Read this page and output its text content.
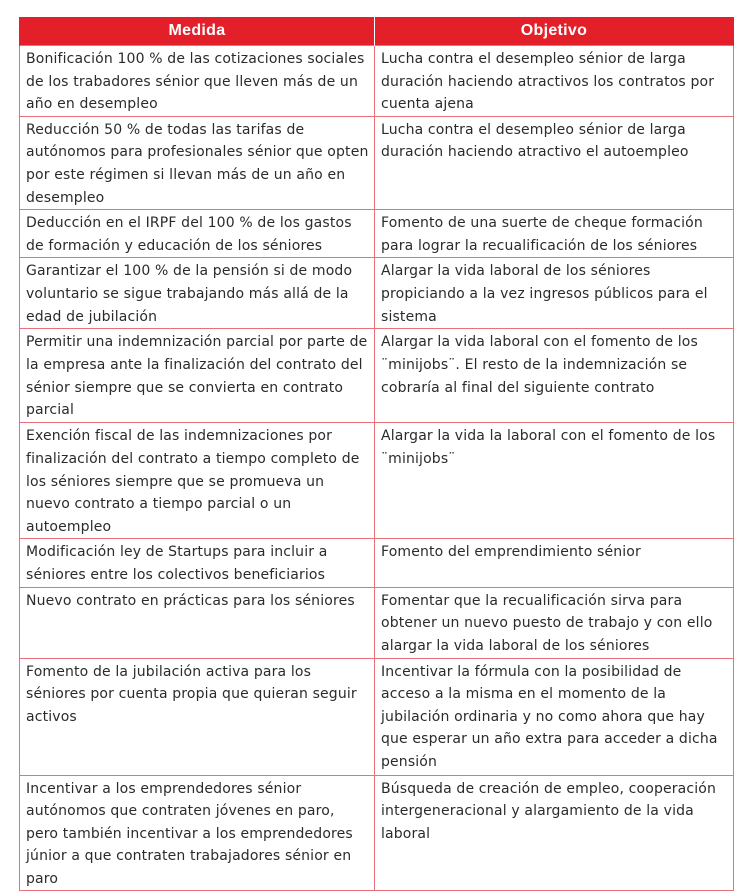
Medida	Objetivo
Bonificación 100 % de las cotizaciones sociales de los trabadores sénior que lleven más de un año en desempleo	Lucha contra el desempleo sénior de larga duración haciendo atractivos los contratos por cuenta ajena
Reducción 50 % de todas las tarifas de autónomos para profesionales sénior que opten por este régimen si llevan más de un año en desempleo	Lucha contra el desempleo sénior de larga duración haciendo atractivo el autoempleo
Deducción en el IRPF del 100 % de los gastos de formación y educación de los séniores	Fomento de una suerte de cheque formación para lograr la recualificación de los séniores
Garantizar el 100 % de la pensión si de modo voluntario se sigue trabajando más allá de la edad de jubilación	Alargar la vida laboral de los séniores propiciando a la vez ingresos públicos para el sistema
Permitir una indemnización parcial por parte de la empresa ante la finalización del contrato del sénior siempre que se convierta en contrato parcial	Alargar la vida laboral con el fomento de los ¨minijobs¨. El resto de la indemnización se cobraría al final del siguiente contrato
Exención fiscal de las indemnizaciones por finalización del contrato a tiempo completo de los séniores siempre que se promueva un nuevo contrato a tiempo parcial o un autoempleo	Alargar la vida la laboral con el fomento de los ¨minijobs¨
Modificación ley de Startups para incluir a séniores entre los colectivos beneficiarios	Fomento del emprendimiento sénior
Nuevo contrato en prácticas para los séniores	Fomentar que la recualificación sirva para obtener un nuevo puesto de trabajo y con ello alargar la vida laboral de los séniores
Fomento de la jubilación activa para los séniores por cuenta propia que quieran seguir activos	Incentivar la fórmula con la posibilidad de acceso a la misma en el momento de la jubilación ordinaria y no como ahora que hay que esperar un año extra para acceder a dicha pensión
Incentivar a los emprendedores sénior autónomos que contraten jóvenes en paro, pero también incentivar a los emprendedores júnior a que contraten trabajadores sénior en paro	Búsqueda de creación de empleo, cooperación intergeneracional y alargamiento de la vida laboral
